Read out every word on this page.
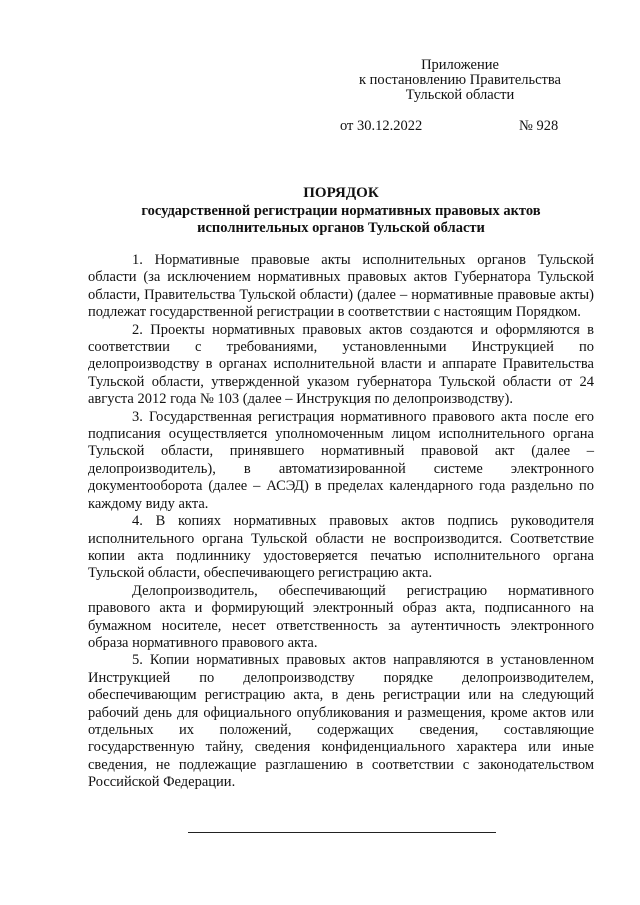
Приложение
к постановлению Правительства
Тульской области
от 30.12.2022	№ 928
ПОРЯДОК
государственной регистрации нормативных правовых актов
исполнительных органов Тульской области

1. Нормативные правовые акты исполнительных органов Тульской области (за исключением нормативных правовых актов Губернатора Тульской области, Правительства Тульской области) (далее – нормативные правовые акты) подлежат государственной регистрации в соответствии с настоящим Порядком.

2. Проекты нормативных правовых актов создаются и оформляются в соответствии с требованиями, установленными Инструкцией по делопроизводству в органах исполнительной власти и аппарате Правительства Тульской области, утвержденной указом губернатора Тульской области от 24 августа 2012 года № 103 (далее – Инструкция по делопроизводству).

3. Государственная регистрация нормативного правового акта после его подписания осуществляется уполномоченным лицом исполнительного органа Тульской области, принявшего нормативный правовой акт (далее – делопроизводитель), в автоматизированной системе электронного документооборота (далее – АСЭД) в пределах календарного года раздельно по каждому виду акта.

4. В копиях нормативных правовых актов подпись руководителя исполнительного органа Тульской области не воспроизводится. Соответствие копии акта подлиннику удостоверяется печатью исполнительного органа Тульской области, обеспечивающего регистрацию акта.

Делопроизводитель, обеспечивающий регистрацию нормативного правового акта и формирующий электронный образ акта, подписанного на бумажном носителе, несет ответственность за аутентичность электронного образа нормативного правового акта.

5. Копии нормативных правовых актов направляются в установленном Инструкцией по делопроизводству порядке делопроизводителем, обеспечивающим регистрацию акта, в день регистрации или на следующий рабочий день для официального опубликования и размещения, кроме актов или отдельных их положений, содержащих сведения, составляющие государственную тайну, сведения конфиденциального характера или иные сведения, не подлежащие разглашению в соответствии с законодательством Российской Федерации.
